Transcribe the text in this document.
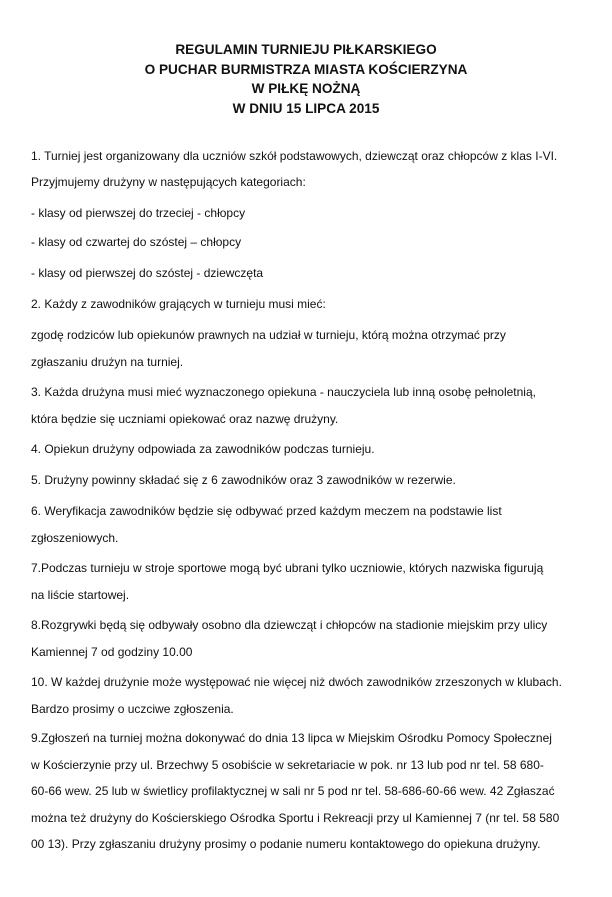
REGULAMIN TURNIEJU PIŁKARSKIEGO
O PUCHAR BURMISTRZA MIASTA KOŚCIERZYNA
W PIŁKĘ NOŻNĄ
W DNIU 15 LIPCA 2015
1. Turniej jest organizowany dla uczniów szkół podstawowych, dziewcząt oraz chłopców z klas I-VI.
Przyjmujemy drużyny w następujących kategoriach:
- klasy od pierwszej do trzeciej - chłopcy
- klasy od czwartej do szóstej – chłopcy
- klasy od pierwszej do szóstej - dziewczęta
2. Każdy z zawodników grających w turnieju musi mieć:
zgodę rodziców lub opiekunów prawnych na udział w turnieju, którą można otrzymać przy
zgłaszaniu drużyn na turniej.
3. Każda drużyna musi mieć wyznaczonego opiekuna - nauczyciela lub inną osobę pełnoletnią,
która będzie się uczniami opiekować oraz nazwę drużyny.
4. Opiekun drużyny odpowiada za zawodników podczas turnieju.
5. Drużyny powinny składać się z 6 zawodników oraz 3 zawodników w rezerwie.
6. Weryfikacja zawodników będzie się odbywać przed każdym meczem na podstawie list
zgłoszeniowych.
7.Podczas turnieju w stroje sportowe mogą być ubrani tylko uczniowie, których nazwiska figurują
na liście startowej.
8.Rozgrywki będą się odbywały osobno dla dziewcząt i chłopców na stadionie miejskim przy ulicy
Kamiennej 7 od godziny 10.00
10. W każdej drużynie może występować nie więcej niż dwóch zawodników zrzeszonych w klubach.
Bardzo prosimy o uczciwe zgłoszenia.
9.Zgłoszeń na turniej można dokonywać do dnia 13 lipca w Miejskim Ośrodku Pomocy Społecznej
w Kościerzynie przy ul. Brzechwy 5 osobiście w sekretariacie w pok. nr 13 lub pod nr tel. 58 680-
60-66 wew. 25 lub w świetlicy profilaktycznej w sali nr 5 pod nr tel. 58-686-60-66 wew. 42 Zgłaszać
można też drużyny do Kościerskiego Ośrodka Sportu i Rekreacji przy ul Kamiennej 7 (nr tel. 58 580
00 13). Przy zgłaszaniu drużyny prosimy o podanie numeru kontaktowego do opiekuna drużyny.
